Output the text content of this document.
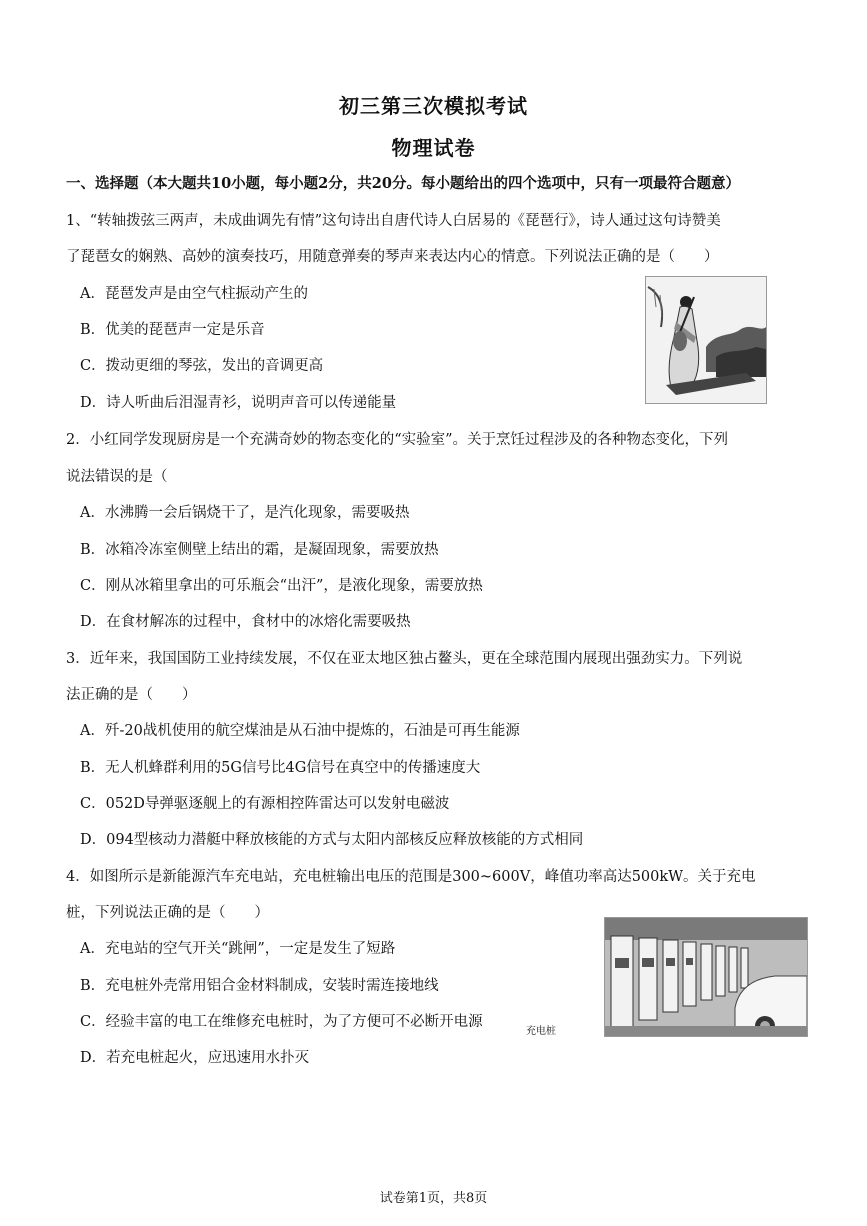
初三第三次模拟考试
物理试卷
一、选择题（本大题共10小题，每小题2分，共20分。每小题给出的四个选项中，只有一项最符合题意）
1、“转轴拨弦三两声，未成曲调先有情”这句诗出自唐代诗人白居易的《琵琶行》，诗人通过这句诗赞美
了琵琶女的娴熟、高妙的演奏技巧，用随意弹奏的琴声来表达内心的情意。下列说法正确的是（　　）
A．琵琶发声是由空气柱振动产生的
B．优美的琵琶声一定是乐音
C．拨动更细的琴弦，发出的音调更高
D．诗人听曲后泪湿青衫，说明声音可以传递能量
2．小红同学发现厨房是一个充满奇妙的物态变化的“实验室”。关于烹饪过程涉及的各种物态变化，下列
说法错误的是（
A．水沸腾一会后锅烧干了，是汽化现象，需要吸热
B．冰箱冷冻室侧壁上结出的霜，是凝固现象，需要放热
C．刚从冰箱里拿出的可乐瓶会“出汗”，是液化现象，需要放热
D．在食材解冻的过程中，食材中的冰熔化需要吸热
3．近年来，我国国防工业持续发展，不仅在亚太地区独占鳌头，更在全球范围内展现出强劲实力。下列说
法正确的是（　　）
A．歼-20战机使用的航空煤油是从石油中提炼的，石油是可再生能源
B．无人机蜂群利用的5G信号比4G信号在真空中的传播速度大
C．052D导弹驱逐舰上的有源相控阵雷达可以发射电磁波
D．094型核动力潜艇中释放核能的方式与太阳内部核反应释放核能的方式相同
4．如图所示是新能源汽车充电站，充电桩输出电压的范围是300~600V，峰值功率高达500kW。关于充电
桩，下列说法正确的是（　　）
A．充电站的空气开关“跳闸”，一定是发生了短路
B．充电桩外壳常用铝合金材料制成，安装时需连接地线
C．经验丰富的电工在维修充电桩时，为了方便可不必断开电源
D．若充电桩起火，应迅速用水扑灭
充电桩
试卷第1页，共8页
